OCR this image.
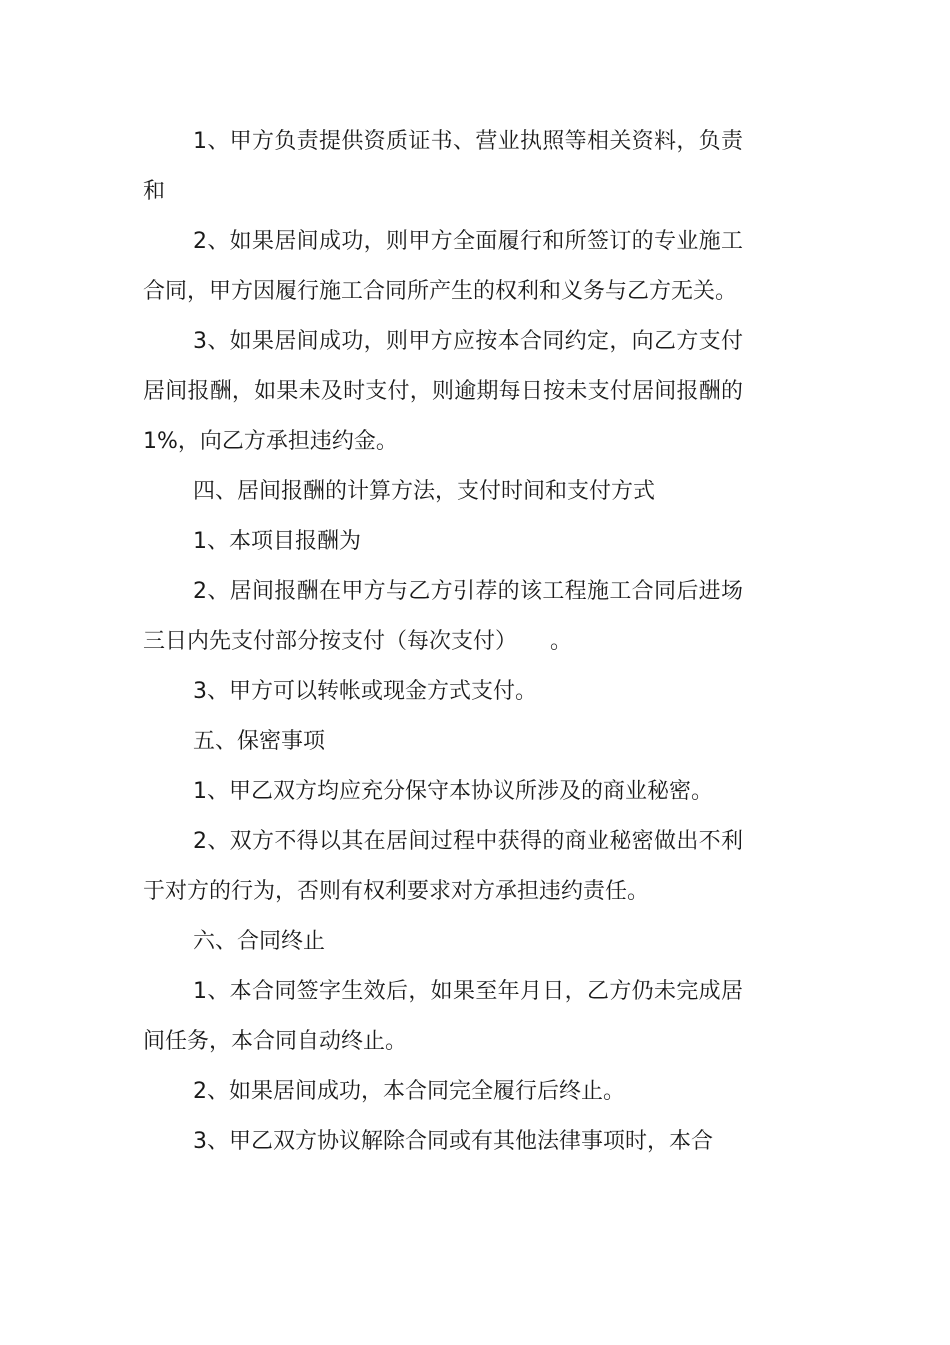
1、甲方负责提供资质证书、营业执照等相关资料，负责和

2、如果居间成功，则甲方全面履行和所签订的专业施工合同，甲方因履行施工合同所产生的权利和义务与乙方无关。

3、如果居间成功，则甲方应按本合同约定，向乙方支付居间报酬，如果未及时支付，则逾期每日按未支付居间报酬的 1%，向乙方承担违约金。

四、居间报酬的计算方法，支付时间和支付方式

1、本项目报酬为

2、居间报酬在甲方与乙方引荐的该工程施工合同后进场三日内先支付部分按支付（每次支付）　　。

3、甲方可以转帐或现金方式支付。

五、保密事项

1、甲乙双方均应充分保守本协议所涉及的商业秘密。

2、双方不得以其在居间过程中获得的商业秘密做出不利于对方的行为，否则有权利要求对方承担违约责任。

六、合同终止

1、本合同签字生效后，如果至年月日，乙方仍未完成居间任务，本合同自动终止。

2、如果居间成功，本合同完全履行后终止。

3、甲乙双方协议解除合同或有其他法律事项时，本合
